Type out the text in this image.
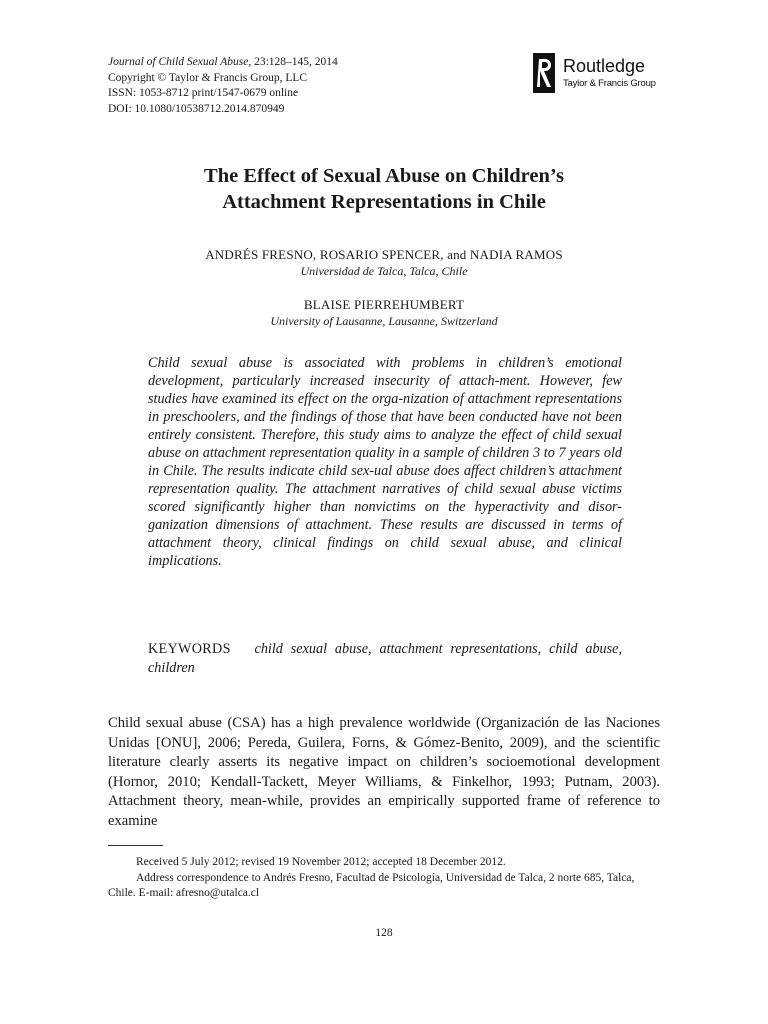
Journal of Child Sexual Abuse, 23:128–145, 2014
Copyright © Taylor & Francis Group, LLC
ISSN: 1053-8712 print/1547-0679 online
DOI: 10.1080/10538712.2014.870949
Routledge
Taylor & Francis Group
The Effect of Sexual Abuse on Children’s
Attachment Representations in Chile
ANDRÉS FRESNO, ROSARIO SPENCER, and NADIA RAMOS
Universidad de Talca, Talca, Chile
BLAISE PIERREHUMBERT
University of Lausanne, Lausanne, Switzerland

Child sexual abuse is associated with problems in children’s emotional development, particularly increased insecurity of attach-ment. However, few studies have examined its effect on the orga-nization of attachment representations in preschoolers, and the findings of those that have been conducted have not been entirely consistent. Therefore, this study aims to analyze the effect of child sexual abuse on attachment representation quality in a sample of children 3 to 7 years old in Chile. The results indicate child sex-ual abuse does affect children’s attachment representation quality. The attachment narratives of child sexual abuse victims scored significantly higher than nonvictims on the hyperactivity and disor-ganization dimensions of attachment. These results are discussed in terms of attachment theory, clinical findings on child sexual abuse, and clinical implications.

KEYWORDS child sexual abuse, attachment representations, child abuse, children
Child sexual abuse (CSA) has a high prevalence worldwide (Organización de las Naciones Unidas [ONU], 2006; Pereda, Guilera, Forns, & Gómez-Benito, 2009), and the scientific literature clearly asserts its negative impact on children’s socioemotional development (Hornor, 2010; Kendall-Tackett, Meyer Williams, & Finkelhor, 1993; Putnam, 2003). Attachment theory, mean-while, provides an empirically supported frame of reference to examine

Received 5 July 2012; revised 19 November 2012; accepted 18 December 2012.

Address correspondence to Andrés Fresno, Facultad de Psicología, Universidad de Talca, 2 norte 685, Talca, Chile. E-mail: afresno@utalca.cl

128
